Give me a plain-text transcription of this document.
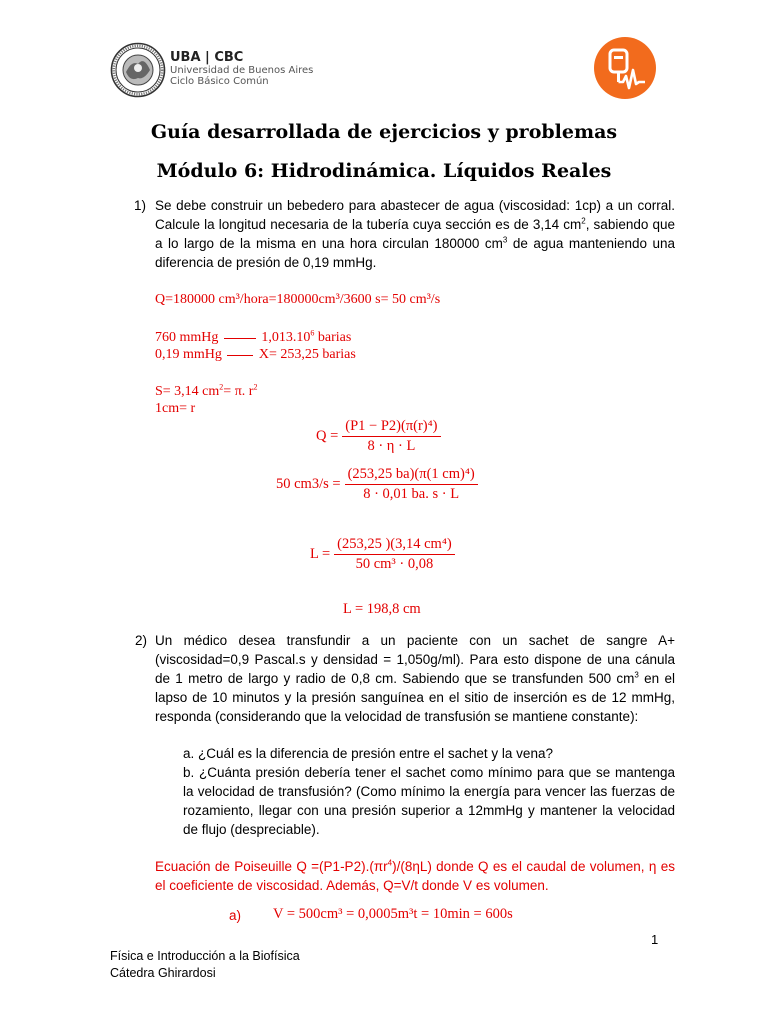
UBA | CBC
Universidad de Buenos Aires
Ciclo Básico Común
Guía desarrollada de ejercicios y problemas
Módulo 6: Hidrodinámica. Líquidos Reales
1) Se debe construir un bebedero para abastecer de agua (viscosidad: 1cp) a un corral. Calcule la longitud necesaria de la tubería cuya sección es de 3,14 $cm^2$, sabiendo que a lo largo de la misma en una hora circulan 180000 $cm^3$ de agua manteniendo una diferencia de presión de 0,19 mmHg.
Q=180000 cm³/hora=180000cm³/3600 s= 50 cm³/s
760 mmHg	1,013.10$^6$ barias
0,19 mmHg	X= 253,25 barias
S= 3,14 $cm^2= \pi$. $r^2$
1cm= r
$Q = \frac{\text{(P1 − P2)(π(r)⁴)}}{8 \cdot \eta \cdot L}$
50 $cm3/s = \frac{\text{(253,25 ba)(π(1 cm)⁴)}}{8 \cdot 0,01 ba. s \cdot L}$
$L = \frac{\text{(253,25 )(3,14 cm⁴)}}{\text{50 cm³ · 0,08}}$
L = 198,8 cm
2) Un médico desea transfundir a un paciente con un sachet de sangre A+ (viscosidad=0,9 Pascal.s y densidad = 1,050g/ml). Para esto dispone de una cánula de 1 metro de largo y radio de 0,8 cm. Sabiendo que se transfunden 500 $cm^3$ en el lapso de 10 minutos y la presión sanguínea en el sitio de inserción es de 12 mmHg, responda (considerando que la velocidad de transfusión se mantiene constante):
a. ¿Cuál es la diferencia de presión entre el sachet y la vena?
b. ¿Cuánta presión debería tener el sachet como mínimo para que se mantenga la velocidad de transfusión? (Como mínimo la energía para vencer las fuerzas de rozamiento, llegar con una presión superior a 12mmHg y mantener la velocidad de flujo (despreciable).
Ecuación de Poiseuille $Q =(P1-P2).(\pi r^4)/(8\eta L)$ donde Q es el caudal de volumen, η es el coeficiente de viscosidad. Además, Q=V/t donde V es volumen.
a) V = 500cm³ = 0,0005m³t = 10min = 600s
1
Física e Introducción a la Biofísica
Cátedra Ghirardosi
